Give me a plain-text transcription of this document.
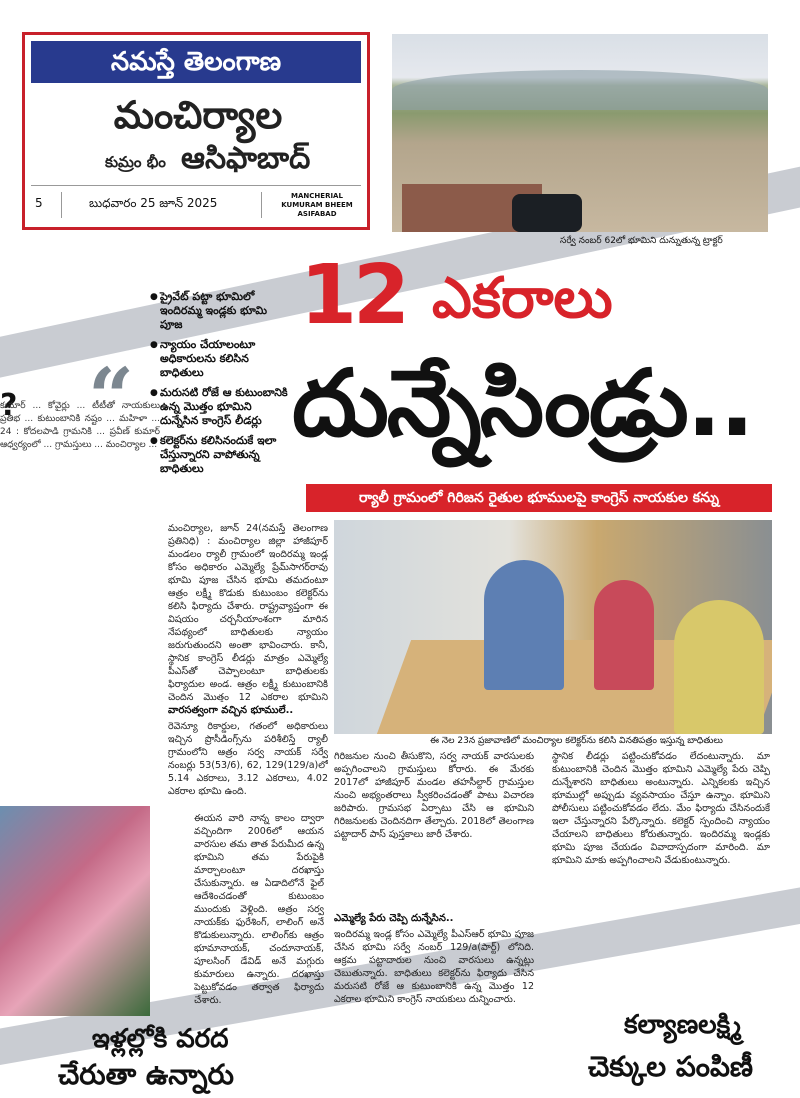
నమస్తే తెలంగాణ
మంచిర్యాల
కుమ్రం భీం ఆసిఫాబాద్
5	బుధవారం 25 జూన్ 2025	MANCHERIAL KUMURAM BHEEM ASIFABAD
సర్వే నంబర్ 62లో భూమిని దున్నుతున్న ట్రాక్టర్
?
కుమార్ ... కోవైర్లు ... టీటీతో నాయకులు ప్రతిభ ... కుటుంబానికి నష్టం ... మహిళా ... 24 : కోదలపాడి గ్రామనికి ... ప్రవీణ్ కుమార్ ఆధ్వర్యంలో ... గ్రామస్తులు ... మంచిర్యాల ...
“
● ప్రైవేట్ పట్టా భూమిలో ఇందిరమ్మ ఇండ్లకు భూమి పూజ
● న్యాయం చేయాలంటూ అధికారులను కలిసిన బాధితులు
● మరుసటి రోజే ఆ కుటుంబానికి ఉన్న మొత్తం భూమిని దున్నేసిన కాంగ్రెస్ లీడర్లు
● కలెక్టర్‌ను కలిసినందుకే ఇలా చేస్తున్నారని వాపోతున్న బాధితులు
12 ఎకరాలు
దున్నేసిండ్రు..
ర్యాలీ గ్రామంలో గిరిజన రైతుల భూములపై కాంగ్రెస్ నాయకుల కన్ను
ఈ నెల 23న ప్రజావాణిలో మంచిర్యాల కలెక్టర్‌ను కలిసి వినతిపత్రం ఇస్తున్న బాధితులు
మంచిర్యాల, జూన్ 24(నమస్తే తెలంగాణ ప్రతినిధి) : మంచిర్యాల జిల్లా హాజీపూర్ మండలం ర్యాలీ గ్రామంలో ఇందిరమ్మ ఇండ్ల కోసం అధికారం ఎమ్మెల్యే ప్రేమ్‌సాగర్‌రావు భూమి పూజ చేసిన భూమి తమదంటూ ఆత్రం లక్ష్మీ కొడుకు కుటుంబం కలెక్టర్‌ను కలిసి ఫిర్యాదు చేశారు. రాష్ట్రవ్యాప్తంగా ఈ విషయం చర్చనీయాంశంగా మారిన నేపథ్యంలో బాధితులకు న్యాయం జరుగుతుందని అంతా భావించారు. కానీ, స్థానిక కాంగ్రెస్ లీడర్లు మాత్రం ఎమ్మెల్యే పీఎస్‌తో చెప్పాలంటూ బాధితులకు ఫిర్యాదుల అండ. ఆత్రం లక్ష్మీ కుటుంబానికి చెందిన మొత్తం 12 ఎకరాల భూమిని
వారసత్వంగా వచ్చిన భూములే..
రెవెన్యూ రికార్డుల, గతంలో అధికారులు ఇచ్చిన ప్రొసీడింగ్స్‌ను పరిశీలిస్తే ర్యాలీ గ్రామంలోని ఆత్రం సర్వ నాయక్ సర్వే నంబర్లు 53(53/6), 62, 129(129/a)లో 5.14 ఎకరాలు, 3.12 ఎకరాలు, 4.02 ఎకరాల భూమి ఉంది.
ఈయన వారి నాన్న కాలం ద్వారా వచ్చిందిగా 2006లో ఆయన వారసుల తమ తాత పేరుమీద ఉన్న భూమిని తమ పేరుపైకి మార్చాలంటూ దరఖాస్తు చేసుకున్నారు. ఆ ఏడాదిలోనే ఫైల్ ఆదేశించడంతో కుటుంబం ముందుకు వెళ్లింది. ఆత్రం సర్వ నాయక్‌కు ఫురేశింగ్, లాలింగ్ అనే కొడుకులున్నారు. లాలింగ్‌కు ఆత్రం భూమానాయక్, చందూనాయక్, పూలసింగ్ డేవిడ్ అనే మగ్గురు కుమారులు ఉన్నారు. దరఖాస్తు పెట్టుకోవడం తర్వాత ఫిర్యాదు చేశారు.
గిరిజనుల నుంచి తీసుకొని, సర్వ నాయక్ వారసులకు అప్పగించాలని గ్రామస్తులు కోరారు. ఈ మేరకు 2017లో హాజీపూర్ మండల తహసీల్దార్ గ్రామస్తుల నుంచి అభ్యంతరాలు స్వీకరించడంతో పాటు విచారణ జరిపారు. గ్రామసభ ఏర్పాటు చేసి ఆ భూమిని గిరిజనులకు చెందినదిగా తేల్చారు. 2018లో తెలంగాణ పట్టాదార్ పాస్ పుస్తకాలు జారీ చేశారు.
ఎమ్మెల్యే పేరు చెప్పి దున్నేసిన..
ఇందిరమ్మ ఇండ్ల కోసం ఎమ్మెల్యే పీఎస్‌ఆర్ భూమి పూజ చేసిన భూమి సర్వే నంబర్ 129/a(పార్ట్) లోనిది. ఆక్రమ పట్టాదారుల నుంచి వారసులు ఉన్నట్లు చెబుతున్నారు. బాధితులు కలెక్టర్‌ను ఫిర్యాదు చేసిన మరుసటి రోజే ఆ కుటుంబానికి ఉన్న మొత్తం 12 ఎకరాల భూమిని కాంగ్రెస్ నాయకులు దున్నించారు.
స్థానిక లీడర్లు పట్టించుకోవడం లేదంటున్నారు. మా కుటుంబానికి చెందిన మొత్తం భూమిని ఎమ్మెల్యే పేరు చెప్పి దున్నేశారని బాధితులు అంటున్నారు. ఎన్నికలకు ఇచ్చిన భూముల్లో అప్పుడు వ్యవసాయం చేస్తూ ఉన్నాం. భూమిని పోలీసులు పట్టించుకోవడం లేదు. మేం ఫిర్యాదు చేసినందుకే ఇలా చేస్తున్నారని పేర్కొన్నారు. కలెక్టర్ స్పందించి న్యాయం చేయాలని బాధితులు కోరుతున్నారు. ఇందిరమ్మ ఇండ్లకు భూమి పూజ చేయడం వివాదాస్పదంగా మారింది. మా భూమిని మాకు అప్పగించాలని వేడుకుంటున్నారు.
ఇళ్లల్లోకి వరద
చేరుతా ఉన్నారు
కల్యాణలక్ష్మి
చెక్కుల పంపిణీ
